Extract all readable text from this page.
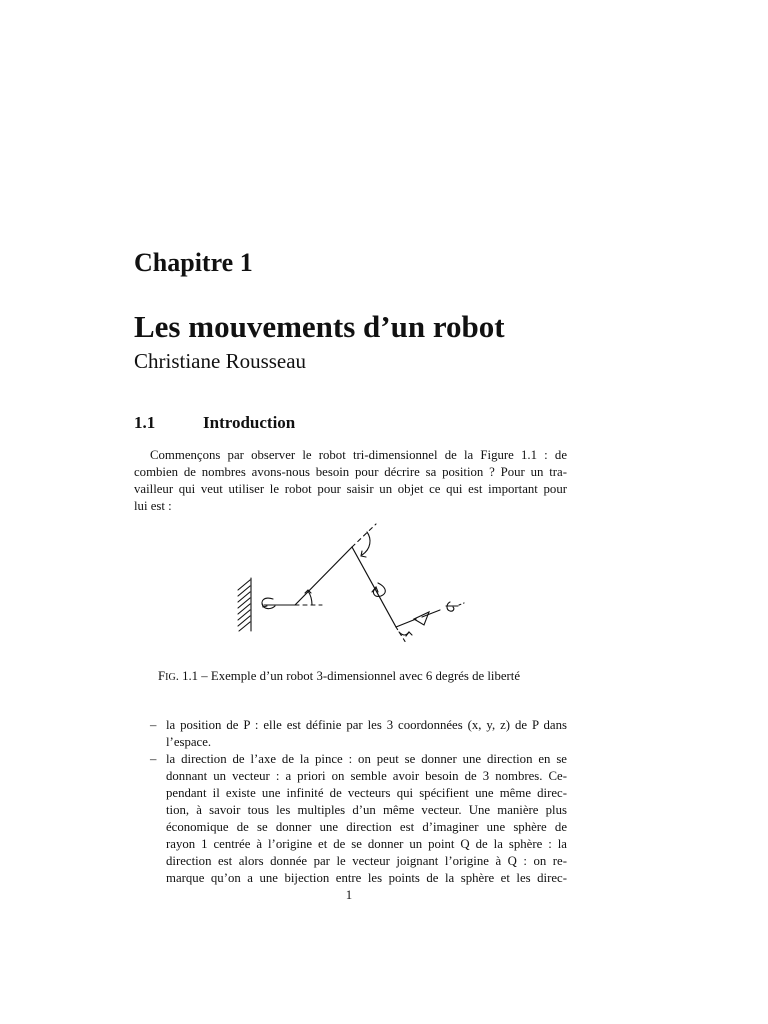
Chapitre 1
Les mouvements d’un robot

Christiane Rousseau

1.1	Introduction
Commençons par observer le robot tri-dimensionnel de la Figure 1.1 : de
combien de nombres avons-nous besoin pour décrire sa position ? Pour un tra-
vailleur qui veut utiliser le robot pour saisir un objet ce qui est important pour
lui est :
FIG. 1.1 – Exemple d’un robot 3-dimensionnel avec 6 degrés de liberté
– la position de P : elle est définie par les 3 coordonnées (x, y, z) de P dans
l’espace.
– la direction de l’axe de la pince : on peut se donner une direction en se
donnant un vecteur : a priori on semble avoir besoin de 3 nombres. Ce-
pendant il existe une infinité de vecteurs qui spécifient une même direc-
tion, à savoir tous les multiples d’un même vecteur. Une manière plus
économique de se donner une direction est d’imaginer une sphère de
rayon 1 centrée à l’origine et de se donner un point Q de la sphère : la
direction est alors donnée par le vecteur joignant l’origine à Q : on re-
marque qu’on a une bijection entre les points de la sphère et les direc-
1
